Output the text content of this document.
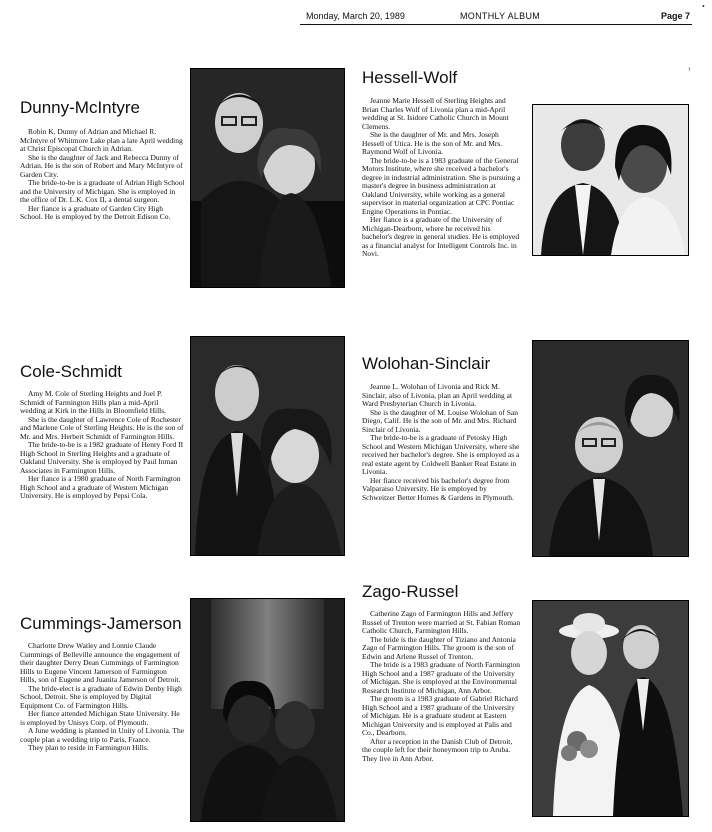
Monday, March 20, 1989	MONTHLY ALBUM	Page 7
Dunny-McIntyre

Robin K. Dunny of Adrian and Michael R. McIntyre of Whitmore Lake plan a late April wedding at Christ Episcopal Church in Adrian.

She is the daughter of Jack and Rebecca Dunny of Adrian. He is the son of Robert and Mary McIntyre of Garden City.

The bride-to-be is a graduate of Adrian High School and the University of Michigan. She is employed in the office of Dr. L.K. Cox II, a dental surgeon.

Her fiance is a graduate of Garden City High School. He is employed by the Detroit Edison Co.

Hessell-Wolf

Jeanne Marie Hessell of Sterling Heights and Brian Charles Wolf of Livonia plan a mid-April wedding at St. Isidore Catholic Church in Mount Clemens.

She is the daughter of Mr. and Mrs. Joseph Hessell of Utica. He is the son of Mr. and Mrs. Raymond Wolf of Livonia.

The bride-to-be is a 1983 graduate of the General Motors Institute, where she received a bachelor's degree in industrial administration. She is pursuing a master's degree in business administration at Oakland University, while working as a general supervisor in material organization at CPC Pontiac Engine Operations in Pontiac.

Her fiance is a graduate of the University of Michigan-Dearborn, where he received his bachelor's degree in general studies. He is employed as a financial analyst for Intelligent Controls Inc. in Novi.

Cole-Schmidt

Amy M. Cole of Sterling Heights and Joel P. Schmidt of Farmington Hills plan a mid-April wedding at Kirk in the Hills in Bloomfield Hills.

She is the daughter of Lawrence Cole of Rochester and Marlene Cole of Sterling Heights. He is the son of Mr. and Mrs. Herbert Schmidt of Farmington Hills.

The bride-to-be is a 1982 graduate of Henry Ford II High School in Sterling Heights and a graduate of Oakland University. She is employed by Paul Inman Associates in Farmington Hills.

Her fiance is a 1980 graduate of North Farmington High School and a graduate of Western Michigan University. He is employed by Pepsi Cola.

Wolohan-Sinclair

Jeanne L. Wolohan of Livonia and Rick M. Sinclair, also of Livonia, plan an April wedding at Ward Presbyterian Church in Livonia.

She is the daughter of M. Louise Wolohan of San Diego, Calif. He is the son of Mr. and Mrs. Richard Sinclair of Livonia.

The bride-to-be is a graduate of Petosky High School and Western Michigan University, where she received her bachelor's degree. She is employed as a real estate agent by Coldwell Banker Real Estate in Livonia.

Her fiance received his bachelor's degree from Valparaiso University. He is employed by Schweitzer Better Homes & Gardens in Plymouth.

Cummings-Jamerson

Charlotte Drew Watley and Lonnie Claude Cummings of Belleville announce the engagement of their daughter Derry Dean Cummings of Farmington Hills to Eugene Vincent Jamerson of Farmington Hills, son of Eugene and Juanita Jamerson of Detroit.

The bride-elect is a graduate of Edwin Denby High School, Detroit. She is employed by Digital Equipment Co. of Farmington Hills.

Her fiance attended Michigan State University. He is employed by Unisys Corp. of Plymouth.

A June wedding is planned in Unity of Livonia. The couple plan a wedding trip to Paris, France.

They plan to reside in Farmington Hills.

Zago-Russel

Catherine Zago of Farmington Hills and Jeffery Russel of Trenton were married at St. Fabian Roman Catholic Church, Farmington Hills.

The bride is the daughter of Tiziano and Antonia Zago of Farmington Hills. The groom is the son of Edwin and Arlene Russel of Trenton.

The bride is a 1983 graduate of North Farmington High School and a 1987 graduate of the University of Michigan. She is employed at the Environmental Research Institute of Michigan, Ann Arbor.

The groom is a 1983 graduate of Gabriel Richard High School and a 1987 graduate of the University of Michigan. He is a graduate student at Eastern Michigan University and is employed at Palis and Co., Dearborn.

After a reception in the Danish Club of Detroit, the couple left for their honeymoon trip to Aruba. They live in Ann Arbor.

•
›
